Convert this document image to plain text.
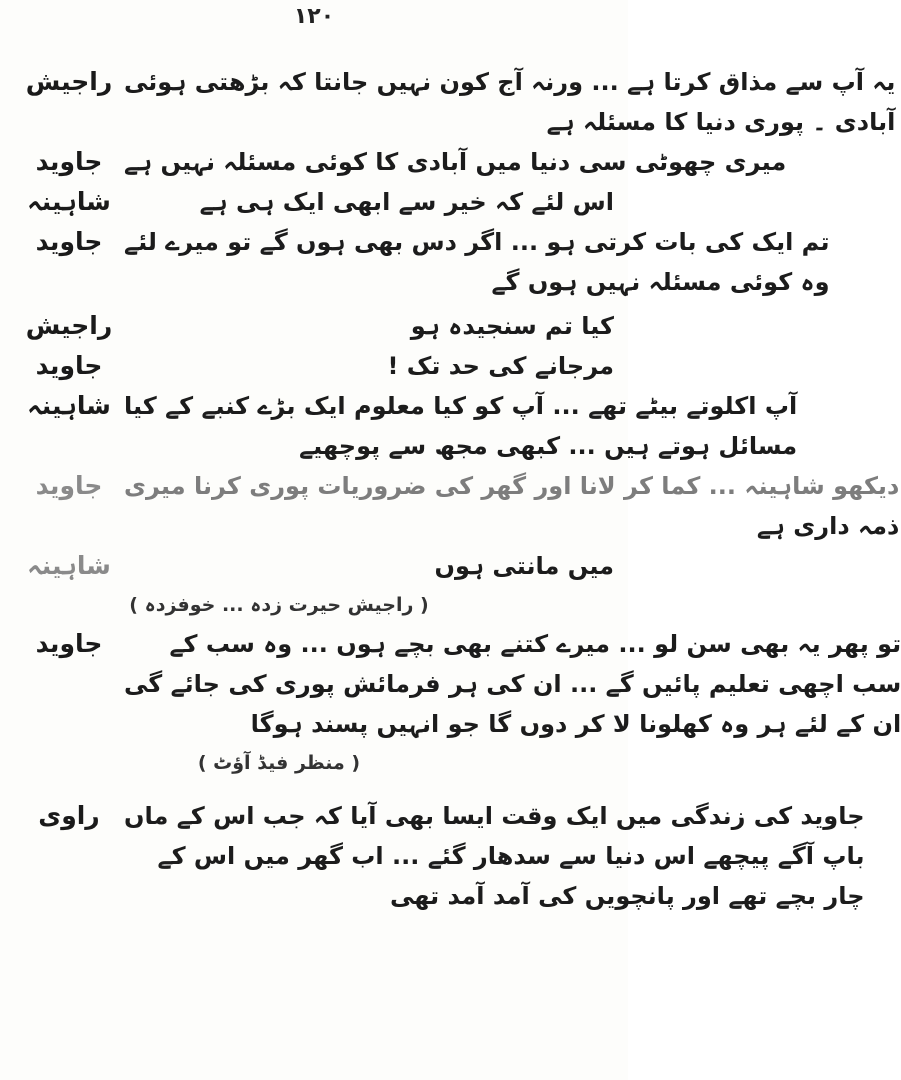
۱۲۰
راجیش یہ آپ سے مذاق کرتا ہے ... ورنہ آج کون نہیں جانتا کہ بڑھتی ہوئی
آبادی ۔ پوری دنیا کا مسئلہ ہے
جاوید میری چھوٹی سی دنیا میں آبادی کا کوئی مسئلہ نہیں ہے
شاہینہ	اس لئے کہ خیر سے ابھی ایک ہی ہے
جاوید تم ایک کی بات کرتی ہو ... اگر دس بھی ہوں گے تو میرے لئے
وہ کوئی مسئلہ نہیں ہوں گے
راجیش	کیا تم سنجیدہ ہو
جاوید	مرجانے کی حد تک !
شاہینہ آپ اکلوتے بیٹے تھے ... آپ کو کیا معلوم ایک بڑے کنبے کے کیا
مسائل ہوتے ہیں ... کبھی مجھ سے پوچھیے
جاوید دیکھو شاہینہ ... کما کر لانا اور گھر کی ضروریات پوری کرنا میری
ذمہ داری ہے
شاہینہ	میں مانتی ہوں
( راجیش حیرت زدہ ... خوفزدہ )
جاوید	تو پھر یہ بھی سن لو ... میرے کتنے بھی بچے ہوں ... وہ سب کے
سب اچھی تعلیم پائیں گے ... ان کی ہر فرمائش پوری کی جائے گی
ان کے لئے ہر وہ کھلونا لا کر دوں گا جو انہیں پسند ہوگا
( منظر فیڈ آؤٹ )
راوی	جاوید کی زندگی میں ایک وقت ایسا بھی آیا کہ جب اس کے ماں
باپ آگے پیچھے اس دنیا سے سدھار گئے ... اب گھر میں اس کے
چار بچے تھے اور پانچویں کی آمد آمد تھی
